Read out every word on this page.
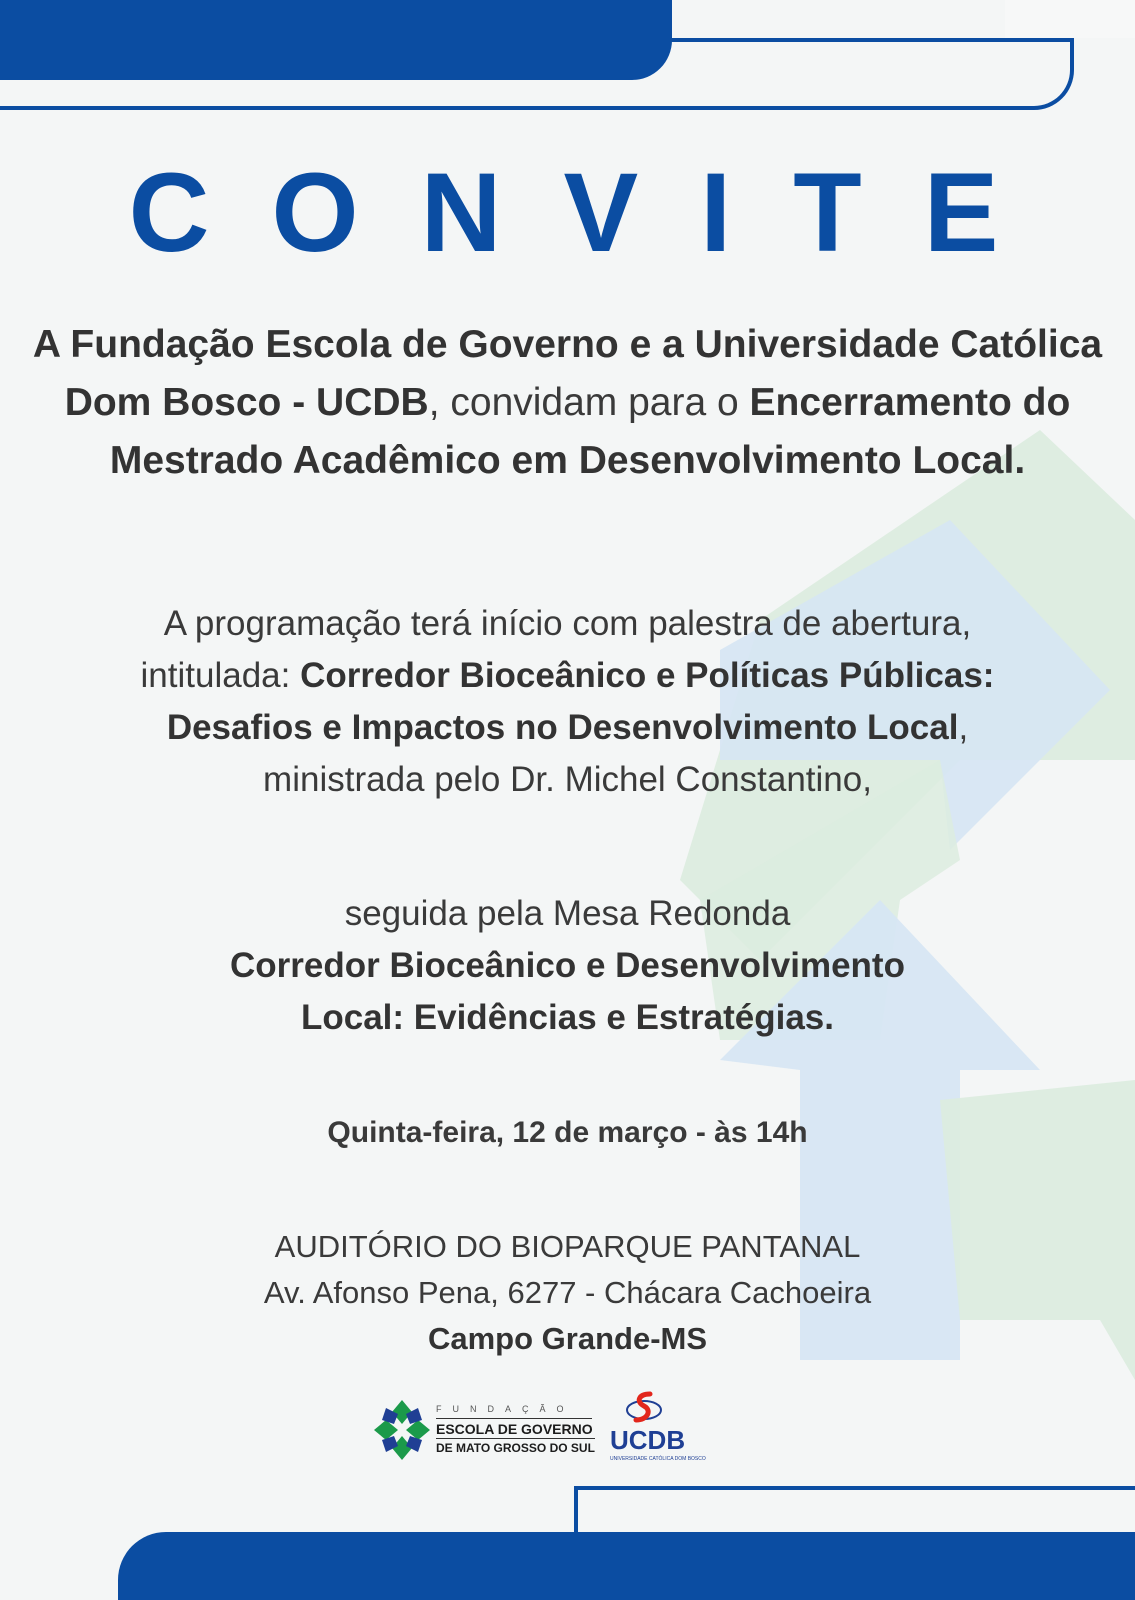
CONVITE

A Fundação Escola de Governo e a Universidade Católica Dom Bosco - UCDB, convidam para o Encerramento do Mestrado Acadêmico em Desenvolvimento Local.

A programação terá início com palestra de abertura, intitulada: Corredor Bioceânico e Políticas Públicas: Desafios e Impactos no Desenvolvimento Local, ministrada pelo Dr. Michel Constantino,

seguida pela Mesa Redonda
Corredor Bioceânico e Desenvolvimento Local: Evidências e Estratégias.

Quinta-feira, 12 de março - às 14h

AUDITÓRIO DO BIOPARQUE PANTANAL
Av. Afonso Pena, 6277 - Chácara Cachoeira
Campo Grande-MS

FUNDAÇÃO
ESCOLA DE GOVERNO
DE MATO GROSSO DO SUL UCDB
UNIVERSIDADE CATÓLICA DOM BOSCO
